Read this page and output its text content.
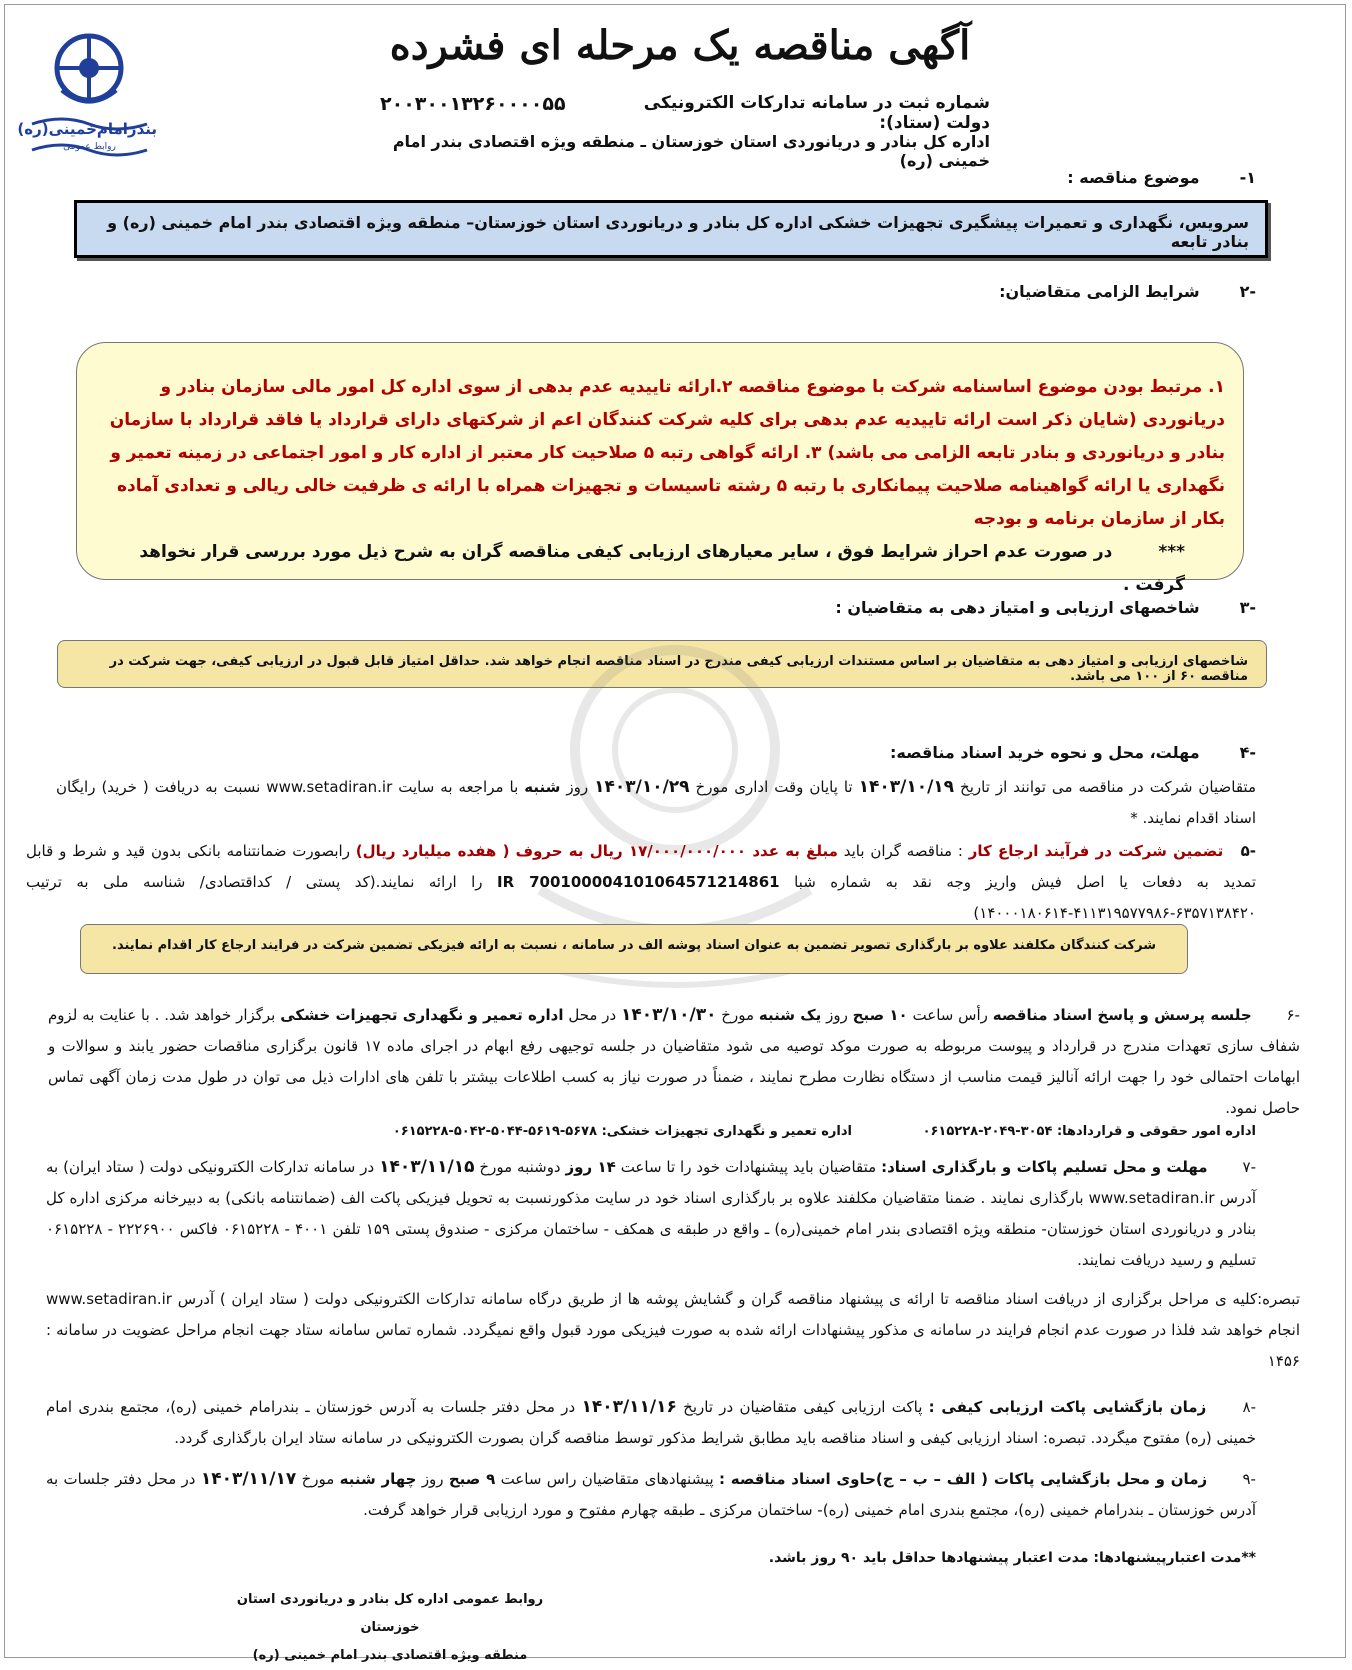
بندرامام‌خمینی(ره)
روابط عمومی
آگهی مناقصه یک مرحله ای فشرده
شماره ثبت در سامانه تدارکات الکترونیکی دولت (ستاد):
۲۰۰۳۰۰۱۳۲۶۰۰۰۰۵۵
اداره کل بنادر و دریانوردی استان خوزستان ـ منطقه ویژه اقتصادی بندر امام خمینی (ره)
۱-
موضوع مناقصه :
سرویس، نگهداری و تعمیرات پیشگیری تجهیزات خشکی اداره کل بنادر و دریانوردی استان خوزستان– منطقه ویژه اقتصادی بندر امام خمینی (ره) و بنادر تابعه
-۲
شرایط الزامی متقاضیان:
۱. مرتبط بودن موضوع اساسنامه شرکت با موضوع مناقصه ۲.ارائه تاییدیه عدم بدهی از سوی اداره کل امور مالی سازمان بنادر و دریانوردی (شایان ذکر است ارائه تاییدیه عدم بدهی برای کلیه شرکت کنندگان اعم از شرکتهای دارای قرارداد یا فاقد قرارداد با سازمان بنادر و دریانوردی و بنادر تابعه الزامی می باشد) ۳. ارائه گواهی رتبه ۵ صلاحیت کار معتبر از اداره کار و امور اجتماعی در زمینه تعمیر و نگهداری یا ارائه گواهینامه صلاحیت پیمانکاری با رتبه ۵ رشته تاسیسات و تجهیزات همراه با ارائه ی ظرفیت خالی ریالی و تعدادی آماده بکار از سازمان برنامه و بودجه
*** در صورت عدم احراز شرایط فوق ، سایر معیارهای ارزیابی کیفی مناقصه گران به شرح ذیل مورد بررسی قرار نخواهد گرفت .
-۳
شاخصهای ارزیابی و امتیاز دهی به متقاضیان :
شاخصهای ارزیابی و امتیاز دهی به متقاضیان بر اساس مستندات ارزیابی کیفی مندرج در اسناد مناقصه انجام خواهد شد. حداقل امتیاز قابل قبول در ارزیابی کیفی، جهت شرکت در مناقصه ۶۰ از ۱۰۰ می باشد.
-۴
مهلت، محل و نحوه خرید اسناد مناقصه:
متقاضیان شرکت در مناقصه می توانند از تاریخ ۱۴۰۳/۱۰/۱۹ تا پایان وقت اداری مورخ ۱۴۰۳/۱۰/۲۹ روز شنبه با مراجعه به سایت www.setadiran.ir نسبت به دریافت ( خرید) رایگان اسناد اقدام نمایند. *
-۵   تضمین شرکت در فرآیند ارجاع کار : مناقصه گران باید مبلغ به عدد ۱۷/۰۰۰/۰۰۰/۰۰۰ ریال به حروف ( هفده میلیارد ریال) رابصورت ضمانتنامه بانکی بدون قید و شرط و قابل تمدید به دفعات یا اصل فیش واریز وجه نقد به شماره شبا IR 700100004101064571214861 را ارائه نمایند.(کد پستی / کداقتصادی/ شناسه ملی به ترتیب ۶۳۵۷۱۳۸۴۲۰-۴۱۱۳۱۹۵۷۷۹۸۶-۱۴۰۰۰۱۸۰۶۱۴)
شرکت کنندگان مکلفند علاوه بر بارگذاری تصویر تضمین به عنوان اسناد پوشه الف در سامانه ، نسبت به ارائه فیزیکی تضمین شرکت در فرایند ارجاع کار اقدام نمایند.
-۶ جلسه پرسش و پاسخ اسناد مناقصه رأس ساعت ۱۰ صبح روز یک شنبه مورخ ۱۴۰۳/۱۰/۳۰ در محل اداره تعمیر و نگهداری تجهیزات خشکی برگزار خواهد شد. . با عنایت به لزوم شفاف سازی تعهدات مندرج در قرارداد و پیوست مربوطه به صورت موکد توصیه می شود متقاضیان در جلسه توجیهی رفع ابهام در اجرای ماده ۱۷ قانون برگزاری مناقصات حضور یابند و سوالات و ابهامات احتمالی خود را جهت ارائه آنالیز قیمت مناسب از دستگاه نظارت مطرح نمایند ، ضمناً در صورت نیاز به کسب اطلاعات بیشتر با تلفن های ادارات ذیل می توان در طول مدت زمان آگهی تماس حاصل نمود.
اداره امور حقوقی و قراردادها: ۳۰۵۴-۲۰۴۹-۰۶۱۵۲۲۸
اداره تعمیر و نگهداری تجهیزات خشکی: ۵۶۷۸-۵۶۱۹-۵۰۴۴-۵۰۴۲-۰۶۱۵۲۲۸
-۷ مهلت و محل تسلیم پاکات و بارگذاری اسناد: متقاضیان باید پیشنهادات خود را تا ساعت ۱۴ روز دوشنبه مورخ ۱۴۰۳/۱۱/۱۵ در سامانه تدارکات الکترونیکی دولت ( ستاد ایران) به آدرس www.setadiran.ir بارگذاری نمایند . ضمنا متقاضیان مکلفند علاوه بر بارگذاری اسناد خود در سایت مذکورنسبت به تحویل فیزیکی پاکت الف (ضمانتنامه بانکی) به دبیرخانه مرکزی اداره کل بنادر و دریانوردی استان خوزستان- منطقه ویژه اقتصادی بندر امام خمینی(ره) ـ واقع در طبقه ی همکف - ساختمان مرکزی - صندوق پستی ۱۵۹ تلفن ۴۰۰۱ - ۰۶۱۵۲۲۸ فاکس ۲۲۲۶۹۰۰ - ۰۶۱۵۲۲۸ تسلیم و رسید دریافت نمایند.
تبصره:کلیه ی مراحل برگزاری از دریافت اسناد مناقصه تا ارائه ی پیشنهاد مناقصه گران و گشایش پوشه ها از طریق درگاه سامانه تدارکات الکترونیکی دولت ( ستاد ایران ) آدرس www.setadiran.ir انجام خواهد شد فلذا در صورت عدم انجام فرایند در سامانه ی مذکور پیشنهادات ارائه شده به صورت فیزیکی مورد قبول واقع نمیگردد. شماره تماس سامانه ستاد جهت انجام مراحل عضویت در سامانه : ۱۴۵۶
-۸ زمان بازگشایی پاکت ارزیابی کیفی : پاکت ارزیابی کیفی متقاضیان در تاریخ ۱۴۰۳/۱۱/۱۶ در محل دفتر جلسات به آدرس خوزستان ـ بندرامام خمینی (ره)، مجتمع بندری امام خمینی (ره) مفتوح میگردد. تبصره: اسناد ارزیابی کیفی و اسناد مناقصه باید مطابق شرایط مذکور توسط مناقصه گران بصورت الکترونیکی در سامانه ستاد ایران بارگذاری گردد.
-۹ زمان و محل بازگشایی پاکات ( الف – ب – ج)حاوی اسناد مناقصه : پیشنهادهای متقاضیان راس ساعت ۹ صبح روز چهار شنبه مورخ ۱۴۰۳/۱۱/۱۷ در محل دفتر جلسات به آدرس خوزستان ـ بندرامام خمینی (ره)، مجتمع بندری امام خمینی (ره)- ساختمان مرکزی ـ طبقه چهارم مفتوح و مورد ارزیابی قرار خواهد گرفت.
**مدت اعتبارپیشنهادها: مدت اعتبار پیشنهادها حداقل باید ۹۰ روز باشد.
روابط عمومی اداره کل بنادر و دریانوردی استان خوزستان
منطقه ویژه اقتصادی بندر امام خمینی (ره)
